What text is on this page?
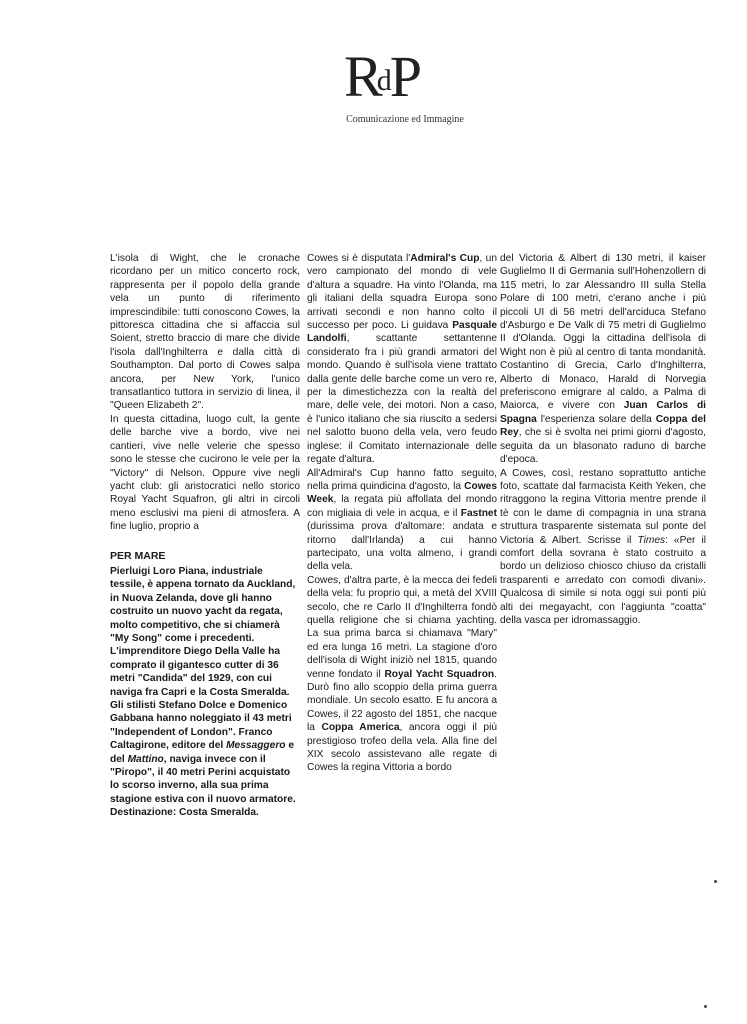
RdP
Comunicazione ed Immagine

L'isola di Wight, che le cronache ricordano per un mitico concerto rock, rappresenta per il popolo della grande vela un punto di riferimento imprescindibile: tutti conoscono Cowes, la pittoresca cittadina che si affaccia sul Soient, stretto braccio di mare che divide l'isola dall'Inghilterra e dalla città di Southampton. Dal porto di Cowes salpa ancora, per New York, l'unico transatlantico tuttora in servizio di linea, il "Queen Elizabeth 2".

In questa cittadina, luogo cult, la gente delle barche vive a bordo, vive nei cantieri, vive nelle velerie che spesso sono le stesse che cucirono le vele per la "Victory" di Nelson. Oppure vive negli yacht club: gli aristocratici nello storico Royal Yacht Squafron, gli altri in circoli meno esclusivi ma pieni di atmosfera. A fine luglio, proprio a

PER MARE

Pierluigi Loro Piana, industriale tessile, è appena tornato da Auckland, in Nuova Zelanda, dove gli hanno costruito un nuovo yacht da regata, molto competitivo, che si chiamerà "My Song" come i precedenti. L'imprenditore Diego Della Valle ha comprato il gigantesco cutter di 36 metri "Candida" del 1929, con cui naviga fra Capri e la Costa Smeralda. Gli stilisti Stefano Dolce e Domenico Gabbana hanno noleggiato il 43 metri "Independent of London". Franco Caltagirone, editore del Messaggero e del Mattino, naviga invece con il "Piropo", il 40 metri Perini acquistato lo scorso inverno, alla sua prima stagione estiva con il nuovo armatore. Destinazione: Costa Smeralda.

Cowes si è disputata l'Admiral's Cup, un vero campionato del mondo di vele d'altura a squadre. Ha vinto l'Olanda, ma gli italiani della squadra Europa sono arrivati secondi e non hanno colto il successo per poco. Li guidava Pasquale Landolfi, scattante settantenne considerato fra i più grandi armatori del mondo. Quando è sull'isola viene trattato dalla gente delle barche come un vero re, per la dimestichezza con la realtà del mare, delle vele, dei motori. Non a caso, è l'unico italiano che sia riuscito a sedersi nel salotto buono della vela, vero feudo inglese: il Comitato internazionale delle regate d'altura.

All'Admiral's Cup hanno fatto seguito, nella prima quindicina d'agosto, la Cowes Week, la regata più affollata del mondo con migliaia di vele in acqua, e il Fastnet (durissima prova d'altomare: andata e ritorno dall'Irlanda) a cui hanno partecipato, una volta almeno, i grandi della vela.

Cowes, d'altra parte, è la mecca dei fedeli della vela: fu proprio qui, a metà del XVIII secolo, che re Carlo II d'Inghilterra fondò quella religione che si chiama yachting. La sua prima barca si chiamava "Mary" ed era lunga 16 metri. La stagione d'oro dell'isola di Wight iniziò nel 1815, quando venne fondato il Royal Yacht Squadron. Durò fino allo scoppio della prima guerra mondiale. Un secolo esatto. E fu ancora a Cowes, il 22 agosto del 1851, che nacque la Coppa America, ancora oggi il più prestigioso trofeo della vela. Alla fine del XIX secolo assistevano alle regate di Cowes la regina Vittoria a bordo

del Victoria & Albert di 130 metri, il kaiser Guglielmo II di Germania sull'Hohenzollern di 115 metri, lo zar Alessandro III sulla Stella Polare di 100 metri, c'erano anche i più piccoli UI di 56 metri dell'arciduca Stefano d'Asburgo e De Valk di 75 metri di Guglielmo II d'Olanda. Oggi la cittadina dell'isola di Wight non è più al centro di tanta mondanità. Costantino di Grecia, Carlo d'Inghilterra, Alberto di Monaco, Harald di Norvegia preferiscono emigrare al caldo, a Palma di Maiorca, e vivere con Juan Carlos di Spagna l'esperienza solare della Coppa del Rey, che si è svolta nei primi giorni d'agosto, seguita da un blasonato raduno di barche d'epoca.

A Cowes, così, restano soprattutto antiche foto, scattate dal farmacista Keith Yeken, che ritraggono la regina Vittoria mentre prende il tè con le dame di compagnia in una strana struttura trasparente sistemata sul ponte del Victoria & Albert. Scrisse il Times: «Per il comfort della sovrana è stato costruito a bordo un delizioso chiosco chiuso da cristalli trasparenti e arredato con comodi divani». Qualcosa di simile si nota oggi sui ponti più alti dei megayacht, con l'aggiunta "coatta" della vasca per idromassaggio.
